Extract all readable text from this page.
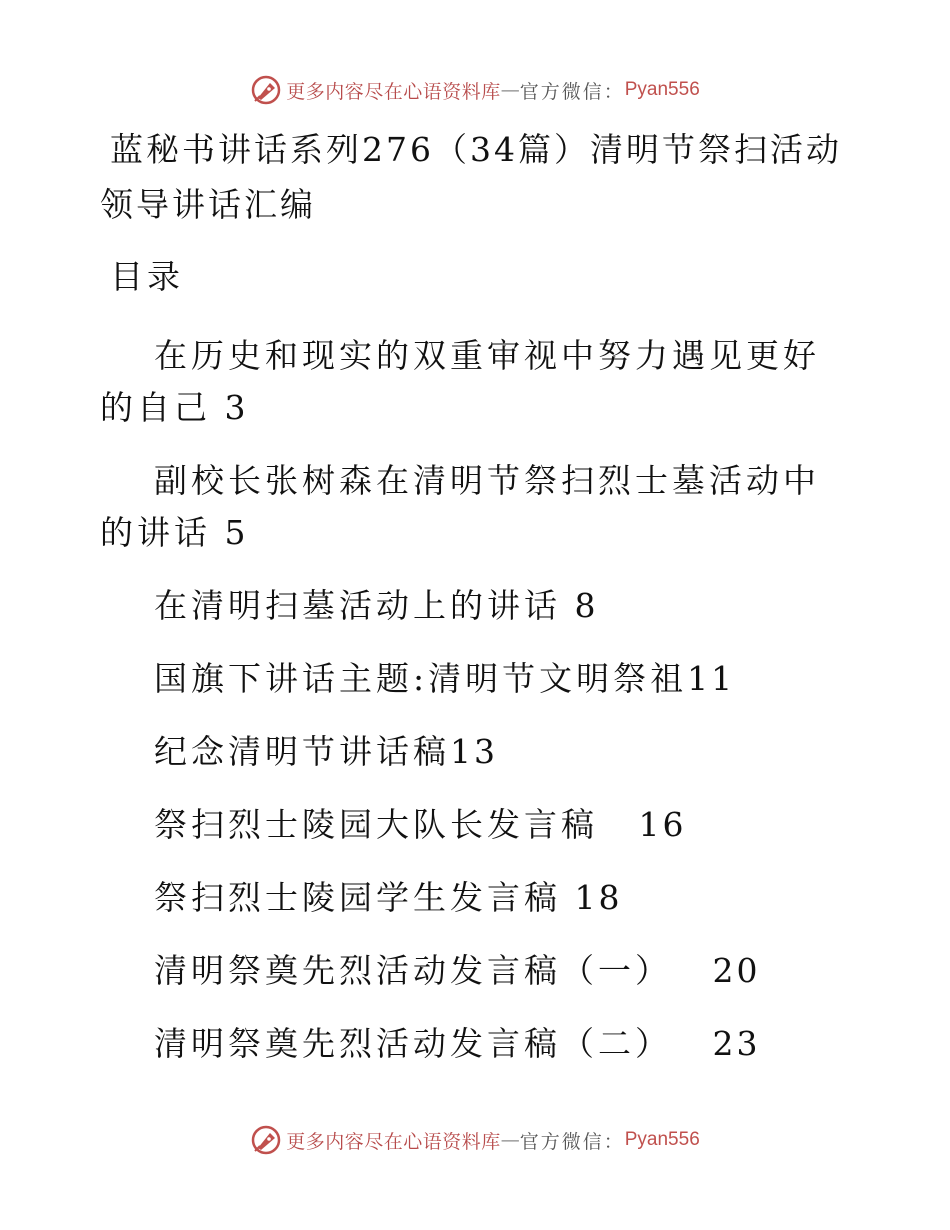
更多内容尽在心语资料库 — 官方微信： Pyan556
蓝秘书讲话系列276（34篇）清明节祭扫活动领导讲话汇编
目录
在历史和现实的双重审视中努力遇见更好的自己 3
副校长张树森在清明节祭扫烈士墓活动中的讲话 5
在清明扫墓活动上的讲话 8
国旗下讲话主题:清明节文明祭祖11
纪念清明节讲话稿13
祭扫烈士陵园大队长发言稿   16
祭扫烈士陵园学生发言稿 18
清明祭奠先烈活动发言稿（一）   20
清明祭奠先烈活动发言稿（二）   23
更多内容尽在心语资料库 — 官方微信： Pyan556
